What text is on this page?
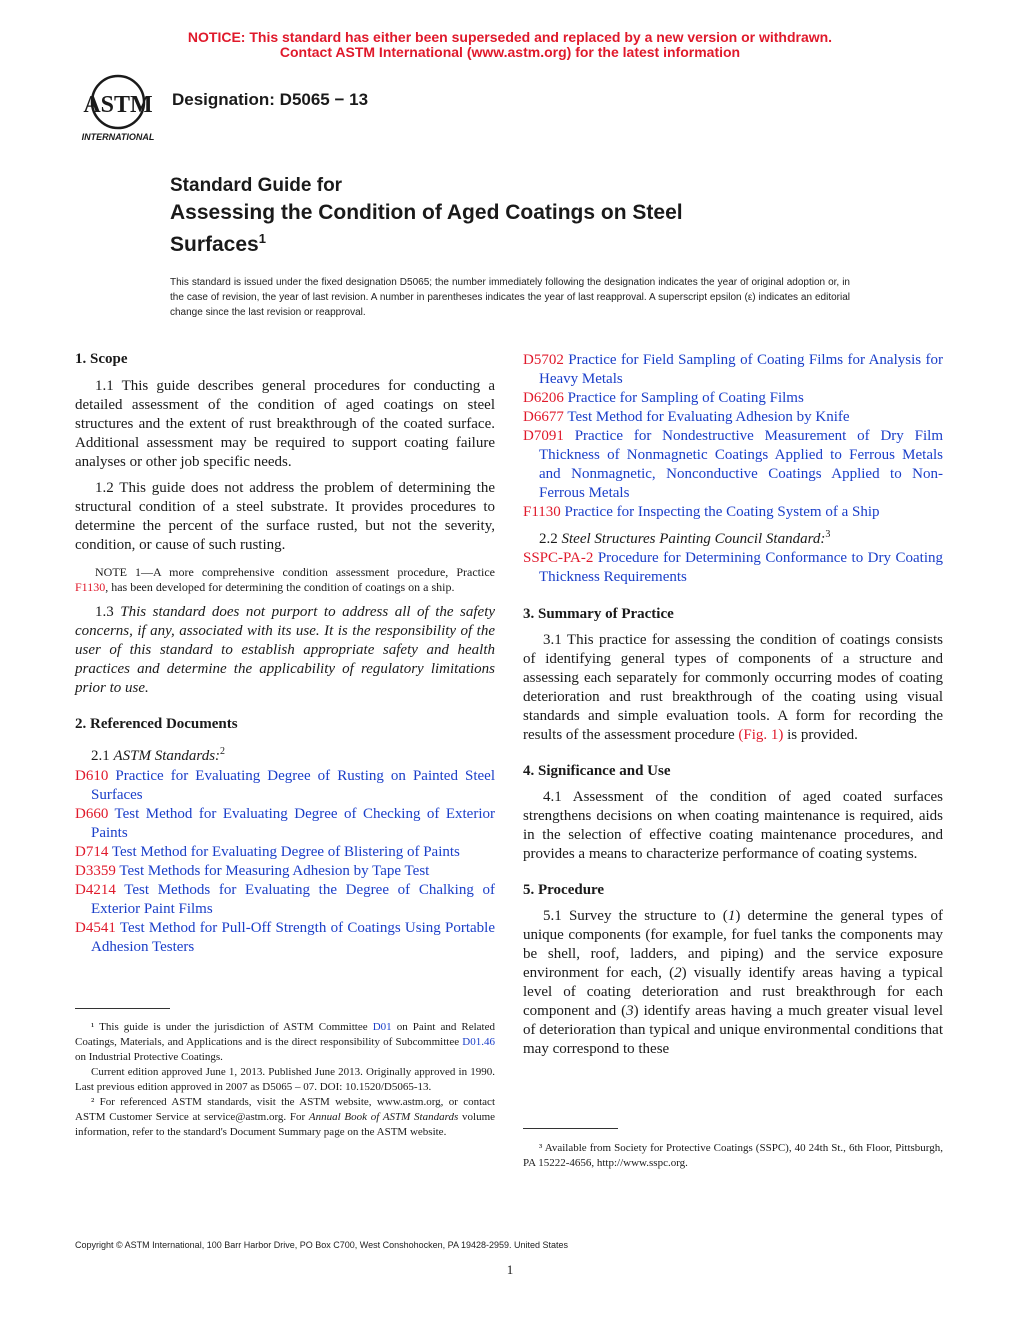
NOTICE: This standard has either been superseded and replaced by a new version or withdrawn.
Contact ASTM International (www.astm.org) for the latest information
ASTM
INTERNATIONAL
Designation: D5065 − 13
Standard Guide for
Assessing the Condition of Aged Coatings on Steel
Surfaces$^1$
This standard is issued under the fixed designation D5065; the number immediately following the designation indicates the year of original adoption or, in the case of revision, the year of last revision. A number in parentheses indicates the year of last reapproval. A superscript epsilon (ε) indicates an editorial change since the last revision or reapproval.
1. Scope
1.1 This guide describes general procedures for conducting a detailed assessment of the condition of aged coatings on steel structures and the extent of rust breakthrough of the coated surface. Additional assessment may be required to support coating failure analyses or other job specific needs.
1.2 This guide does not address the problem of determining the structural condition of a steel substrate. It provides procedures to determine the percent of the surface rusted, but not the severity, condition, or cause of such rusting.
NOTE 1—A more comprehensive condition assessment procedure, Practice F1130, has been developed for determining the condition of coatings on a ship.
1.3 This standard does not purport to address all of the safety concerns, if any, associated with its use. It is the responsibility of the user of this standard to establish appropriate safety and health practices and determine the applicability of regulatory limitations prior to use.
2. Referenced Documents
2.1 ASTM Standards:$^2$
D610 Practice for Evaluating Degree of Rusting on Painted Steel Surfaces
D660 Test Method for Evaluating Degree of Checking of Exterior Paints
D714 Test Method for Evaluating Degree of Blistering of Paints
D3359 Test Methods for Measuring Adhesion by Tape Test
D4214 Test Methods for Evaluating the Degree of Chalking of Exterior Paint Films
D4541 Test Method for Pull-Off Strength of Coatings Using Portable Adhesion Testers
¹ This guide is under the jurisdiction of ASTM Committee D01 on Paint and Related Coatings, Materials, and Applications and is the direct responsibility of Subcommittee D01.46 on Industrial Protective Coatings.
Current edition approved June 1, 2013. Published June 2013. Originally approved in 1990. Last previous edition approved in 2007 as D5065 – 07. DOI: 10.1520/D5065-13.
² For referenced ASTM standards, visit the ASTM website, www.astm.org, or contact ASTM Customer Service at service@astm.org. For Annual Book of ASTM Standards volume information, refer to the standard's Document Summary page on the ASTM website.
D5702 Practice for Field Sampling of Coating Films for Analysis for Heavy Metals
D6206 Practice for Sampling of Coating Films
D6677 Test Method for Evaluating Adhesion by Knife
D7091 Practice for Nondestructive Measurement of Dry Film Thickness of Nonmagnetic Coatings Applied to Ferrous Metals and Nonmagnetic, Nonconductive Coatings Applied to Non-Ferrous Metals
F1130 Practice for Inspecting the Coating System of a Ship
2.2 Steel Structures Painting Council Standard:$^3$
SSPC-PA-2 Procedure for Determining Conformance to Dry Coating Thickness Requirements
3. Summary of Practice
3.1 This practice for assessing the condition of coatings consists of identifying general types of components of a structure and assessing each separately for commonly occurring modes of coating deterioration and rust breakthrough of the coating using visual standards and simple evaluation tools. A form for recording the results of the assessment procedure (Fig. 1) is provided.
4. Significance and Use
4.1 Assessment of the condition of aged coated surfaces strengthens decisions on when coating maintenance is required, aids in the selection of effective coating maintenance procedures, and provides a means to characterize performance of coating systems.
5. Procedure
5.1 Survey the structure to (1) determine the general types of unique components (for example, for fuel tanks the components may be shell, roof, ladders, and piping) and the service exposure environment for each, (2) visually identify areas having a typical level of coating deterioration and rust breakthrough for each component and (3) identify areas having a much greater visual level of deterioration than typical and unique environmental conditions that may correspond to these
³ Available from Society for Protective Coatings (SSPC), 40 24th St., 6th Floor, Pittsburgh, PA 15222-4656, http://www.sspc.org.
Copyright © ASTM International, 100 Barr Harbor Drive, PO Box C700, West Conshohocken, PA 19428-2959. United States
1
